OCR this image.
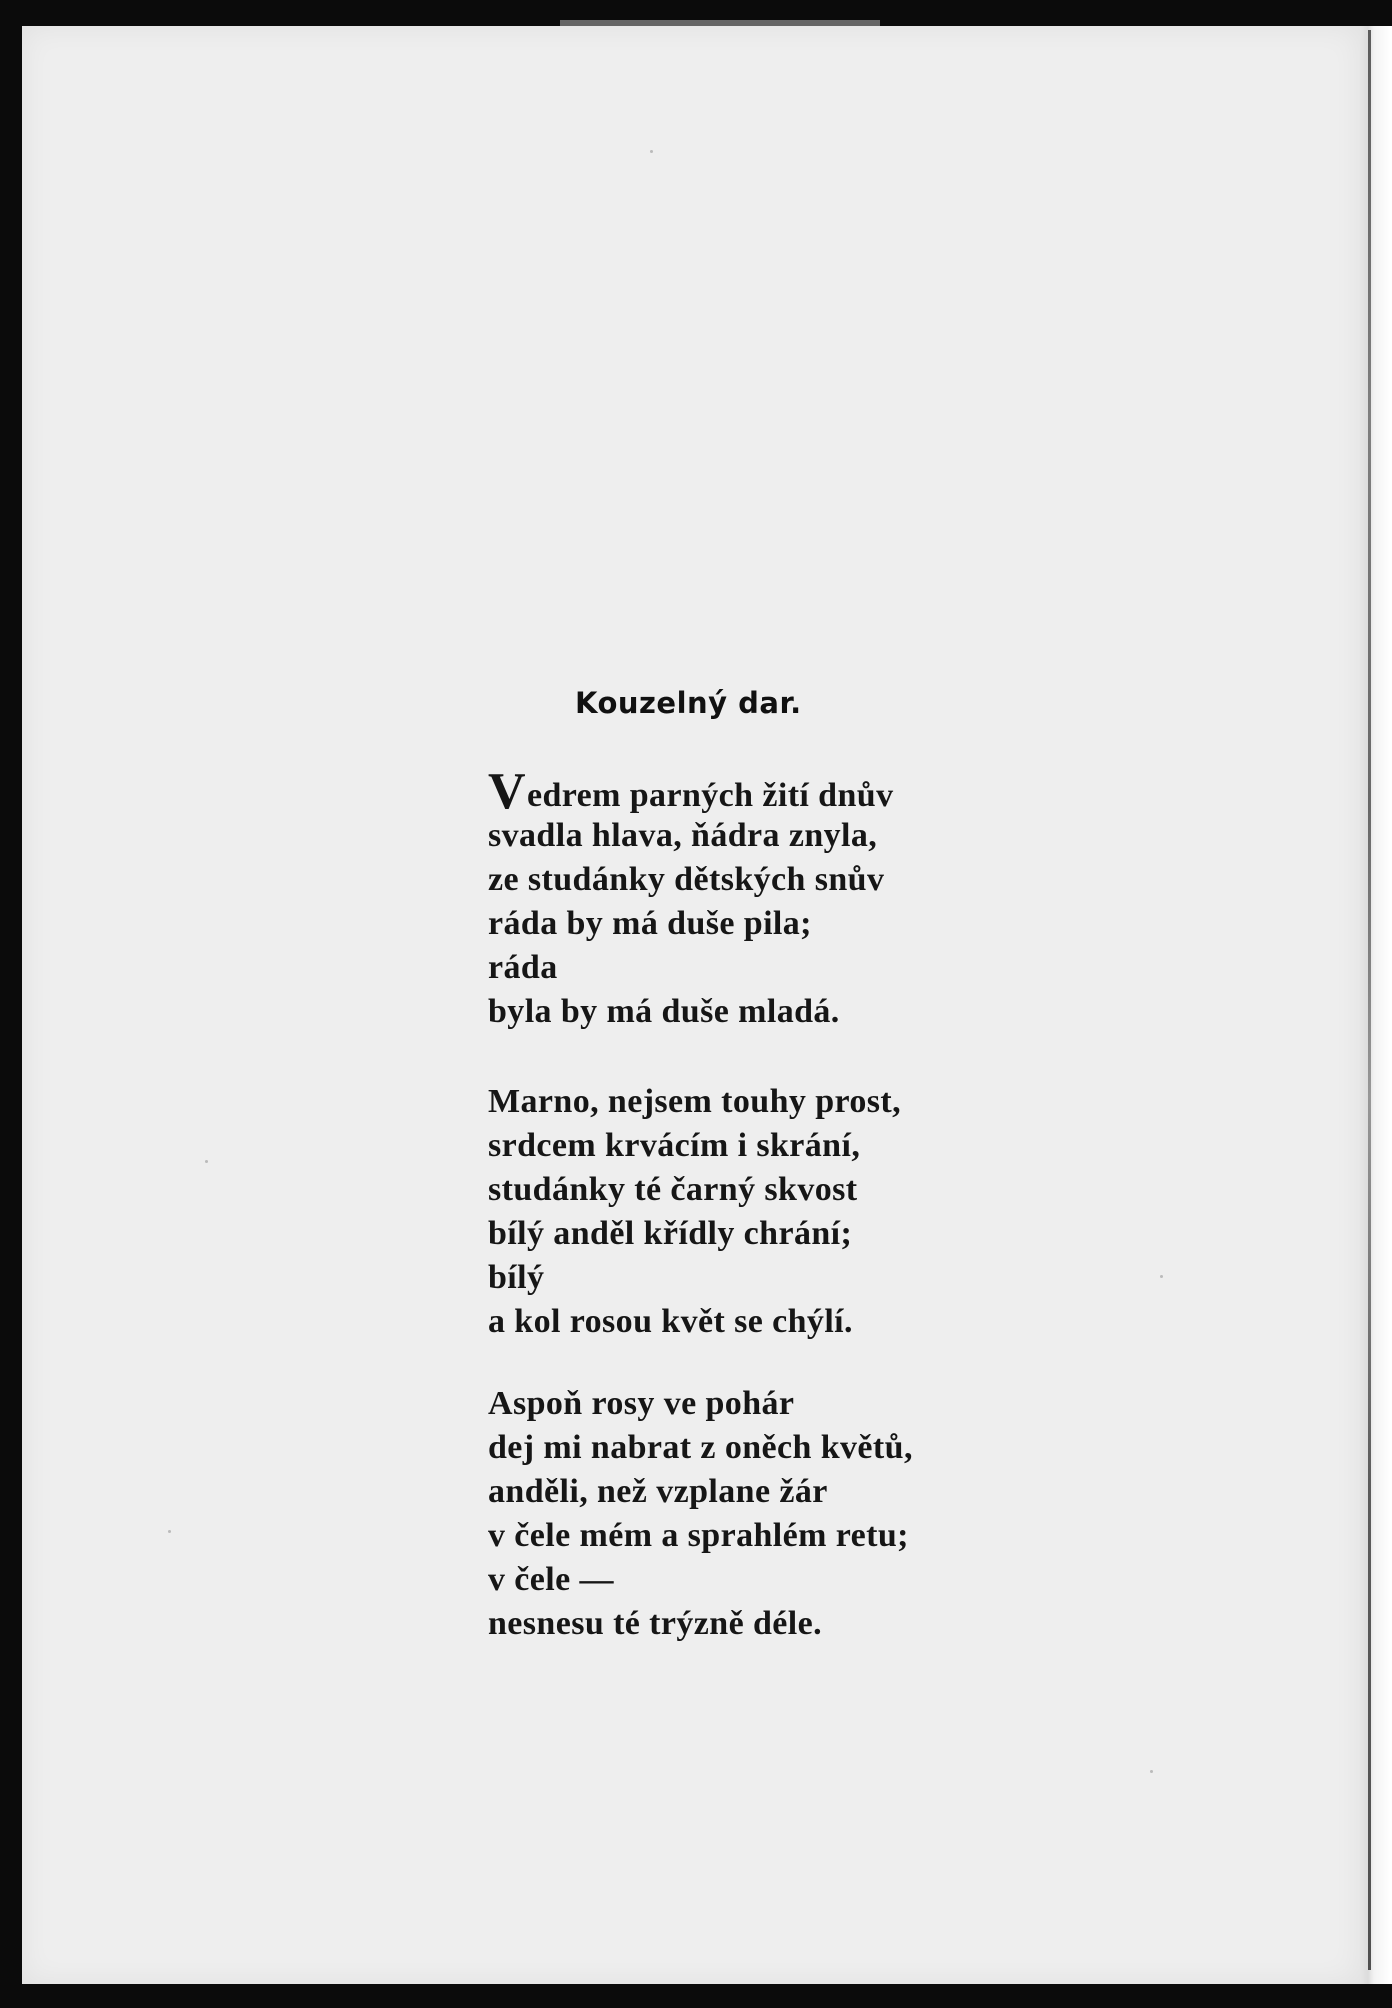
Kouzelný dar.
Vedrem parných žití dnův
svadla hlava, ňádra znyla,
ze studánky dětských snův
ráda by má duše pila;
ráda
byla by má duše mladá.
Marno, nejsem touhy prost,
srdcem krvácím i skrání,
studánky té čarný skvost
bílý anděl křídly chrání;
bílý
a kol rosou květ se chýlí.
Aspoň rosy ve pohár
dej mi nabrat z oněch květů,
anděli, než vzplane žár
v čele mém a sprahlém retu;
v čele —
nesnesu té trýzně déle.
